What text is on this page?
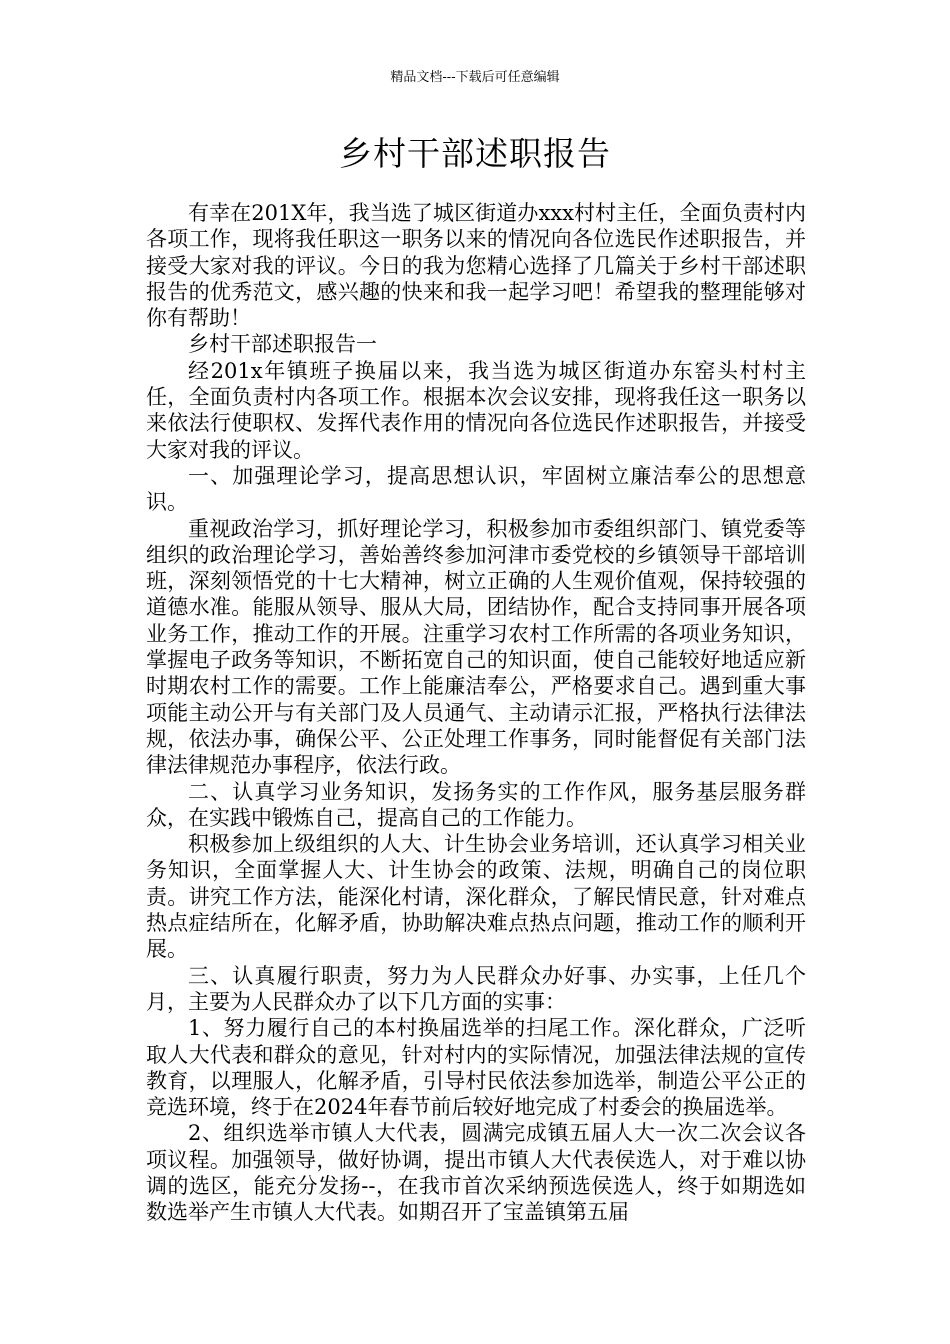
精品文档---下载后可任意编辑
乡村干部述职报告

有幸在201X年，我当选了城区街道办xxx村村主任，全面负责村内各项工作，现将我任职这一职务以来的情况向各位选民作述职报告，并接受大家对我的评议。今日的我为您精心选择了几篇关于乡村干部述职报告的优秀范文，感兴趣的快来和我一起学习吧！希望我的整理能够对你有帮助！

乡村干部述职报告一

经201x年镇班子换届以来，我当选为城区街道办东窑头村村主任，全面负责村内各项工作。根据本次会议安排，现将我任这一职务以来依法行使职权、发挥代表作用的情况向各位选民作述职报告，并接受大家对我的评议。

一、加强理论学习，提高思想认识，牢固树立廉洁奉公的思想意识。

重视政治学习，抓好理论学习，积极参加市委组织部门、镇党委等组织的政治理论学习，善始善终参加河津市委党校的乡镇领导干部培训班，深刻领悟党的十七大精神，树立正确的人生观价值观，保持较强的道德水准。能服从领导、服从大局，团结协作，配合支持同事开展各项业务工作，推动工作的开展。注重学习农村工作所需的各项业务知识，掌握电子政务等知识，不断拓宽自己的知识面，使自己能较好地适应新时期农村工作的需要。工作上能廉洁奉公，严格要求自己。遇到重大事项能主动公开与有关部门及人员通气、主动请示汇报，严格执行法律法规，依法办事，确保公平、公正处理工作事务，同时能督促有关部门法律法律规范办事程序，依法行政。

二、认真学习业务知识，发扬务实的工作作风，服务基层服务群众，在实践中锻炼自己，提高自己的工作能力。

积极参加上级组织的人大、计生协会业务培训，还认真学习相关业务知识，全面掌握人大、计生协会的政策、法规，明确自己的岗位职责。讲究工作方法，能深化村请，深化群众，了解民情民意，针对难点热点症结所在，化解矛盾，协助解决难点热点问题，推动工作的顺利开展。

三、认真履行职责，努力为人民群众办好事、办实事，上任几个月，主要为人民群众办了以下几方面的实事：

1、努力履行自己的本村换届选举的扫尾工作。深化群众，广泛听取人大代表和群众的意见，针对村内的实际情况，加强法律法规的宣传教育，以理服人，化解矛盾，引导村民依法参加选举，制造公平公正的竞选环境，终于在2024年春节前后较好地完成了村委会的换届选举。

2、组织选举市镇人大代表，圆满完成镇五届人大一次二次会议各项议程。加强领导，做好协调，提出市镇人大代表侯选人，对于难以协调的选区，能充分发扬--，在我市首次采纳预选侯选人，终于如期选如数选举产生市镇人大代表。如期召开了宝盖镇第五届
